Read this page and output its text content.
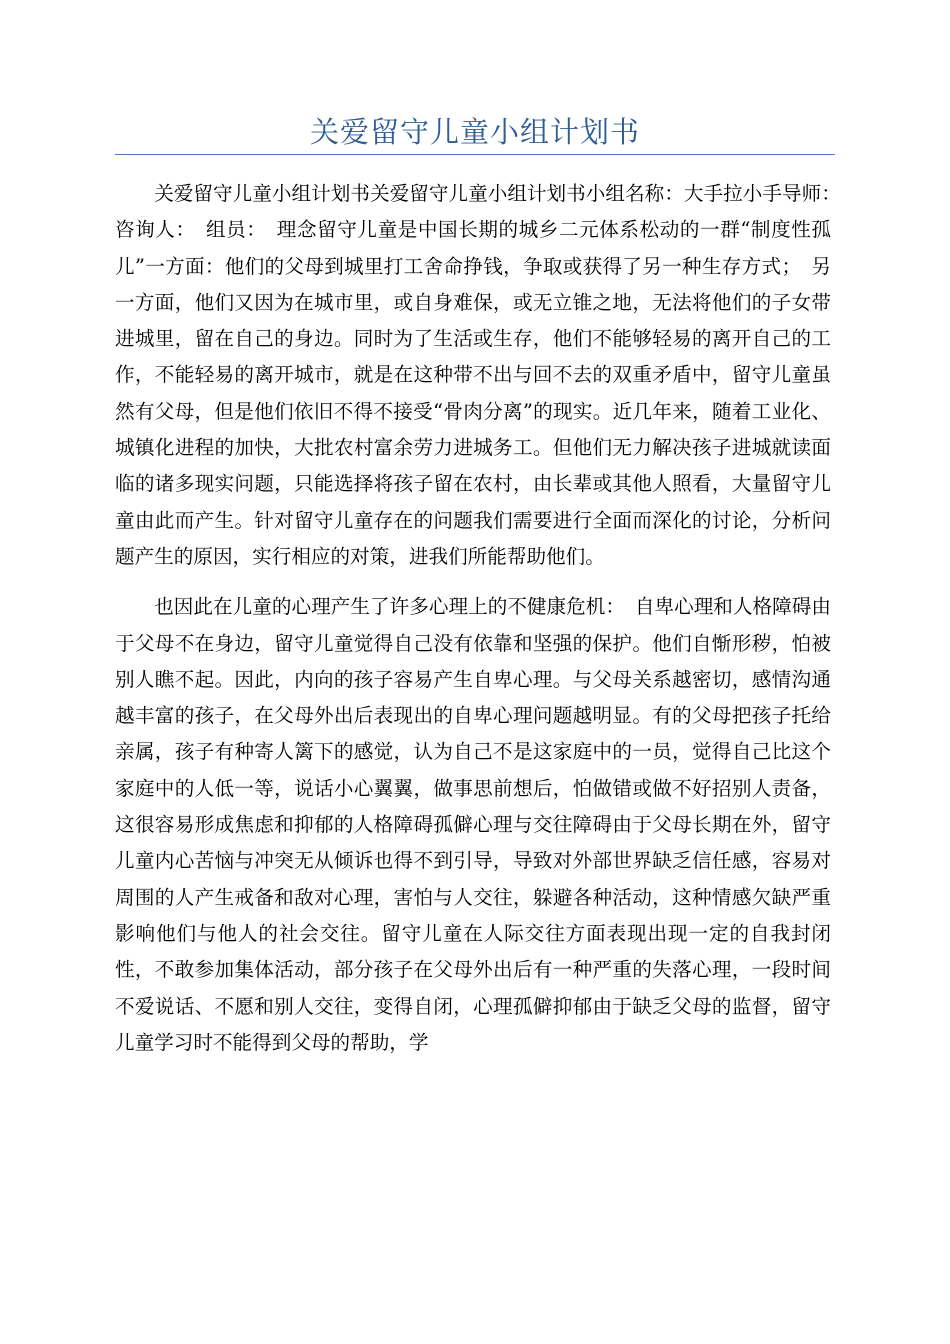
关爱留守儿童小组计划书

关爱留守儿童小组计划书关爱留守儿童小组计划书小组名称：大手拉小手导师：　咨询人：　组员：　理念留守儿童是中国长期的城乡二元体系松动的一群“制度性孤儿”一方面：他们的父母到城里打工舍命挣钱，争取或获得了另一种生存方式；　另一方面，他们又因为在城市里，或自身难保，或无立锥之地，无法将他们的子女带进城里，留在自己的身边。同时为了生活或生存，他们不能够轻易的离开自己的工作，不能轻易的离开城市，就是在这种带不出与回不去的双重矛盾中，留守儿童虽然有父母，但是他们依旧不得不接受“骨肉分离”的现实。近几年来，随着工业化、城镇化进程的加快，大批农村富余劳力进城务工。但他们无力解决孩子进城就读面临的诸多现实问题，只能选择将孩子留在农村，由长辈或其他人照看，大量留守儿童由此而产生。针对留守儿童存在的问题我们需要进行全面而深化的讨论，分析问题产生的原因，实行相应的对策，进我们所能帮助他们。

也因此在儿童的心理产生了许多心理上的不健康危机：　自卑心理和人格障碍由于父母不在身边，留守儿童觉得自己没有依靠和坚强的保护。他们自惭形秽，怕被别人瞧不起。因此，内向的孩子容易产生自卑心理。与父母关系越密切，感情沟通越丰富的孩子，在父母外出后表现出的自卑心理问题越明显。有的父母把孩子托给亲属，孩子有种寄人篱下的感觉，认为自己不是这家庭中的一员，觉得自己比这个家庭中的人低一等，说话小心翼翼，做事思前想后，怕做错或做不好招别人责备，这很容易形成焦虑和抑郁的人格障碍孤僻心理与交往障碍由于父母长期在外，留守儿童内心苦恼与冲突无从倾诉也得不到引导，导致对外部世界缺乏信任感，容易对周围的人产生戒备和敌对心理，害怕与人交往，躲避各种活动，这种情感欠缺严重影响他们与他人的社会交往。留守儿童在人际交往方面表现出现一定的自我封闭性，不敢参加集体活动，部分孩子在父母外出后有一种严重的失落心理，一段时间不爱说话、不愿和别人交往，变得自闭，心理孤僻抑郁由于缺乏父母的监督，留守儿童学习时不能得到父母的帮助，学
